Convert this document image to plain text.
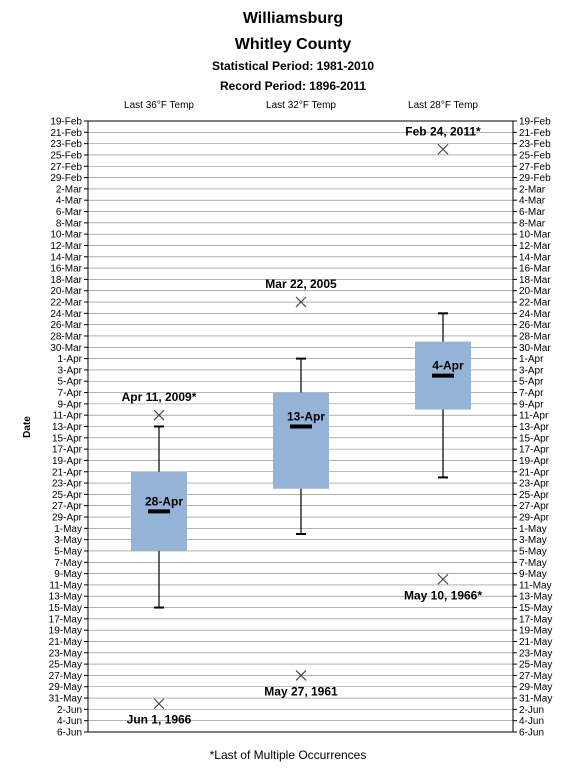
Williamsburg
Whitley County
Statistical Period: 1981-2010
Record Period: 1896-2011
19-Feb
21-Feb
23-Feb
25-Feb
27-Feb
29-Feb
2-Mar
4-Mar
6-Mar
8-Mar
10-Mar
12-Mar
14-Mar
16-Mar
18-Mar
20-Mar
22-Mar
24-Mar
26-Mar
28-Mar
30-Mar
1-Apr
3-Apr
5-Apr
7-Apr
9-Apr
11-Apr
13-Apr
15-Apr
17-Apr
19-Apr
21-Apr
23-Apr
25-Apr
27-Apr
29-Apr
1-May
3-May
5-May
7-May
9-May
11-May
13-May
15-May
17-May
19-May
21-May
23-May
25-May
27-May
29-May
31-May
2-Jun
4-Jun
6-Jun
19-Feb
21-Feb
23-Feb
25-Feb
27-Feb
29-Feb
2-Mar
4-Mar
6-Mar
8-Mar
10-Mar
12-Mar
14-Mar
16-Mar
18-Mar
20-Mar
22-Mar
24-Mar
26-Mar
28-Mar
30-Mar
1-Apr
3-Apr
5-Apr
7-Apr
9-Apr
11-Apr
13-Apr
15-Apr
17-Apr
19-Apr
21-Apr
23-Apr
25-Apr
27-Apr
29-Apr
1-May
3-May
5-May
7-May
9-May
11-May
13-May
15-May
17-May
19-May
21-May
23-May
25-May
27-May
29-May
31-May
2-Jun
4-Jun
6-Jun
Last 36°F Temp	Last 32°F Temp	Last 28°F Temp
28-Apr
13-Apr
4-Apr
Apr 11, 2009*
Jun 1, 1966
Mar 22, 2005
May 27, 1961
Feb 24, 2011*
May 10, 1966*
Date
*Last of Multiple Occurrences
